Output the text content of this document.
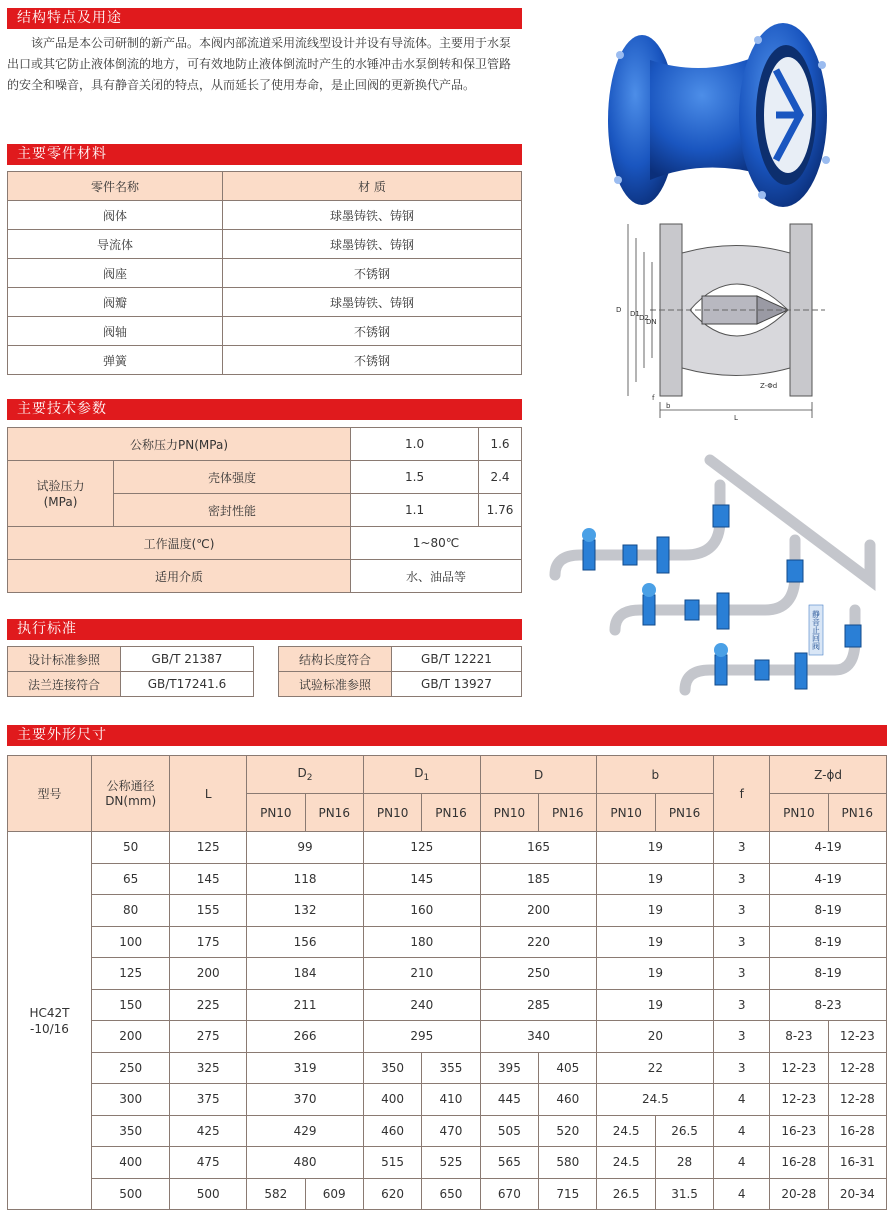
结构特点及用途
该产品是本公司研制的新产品。本阀内部流道采用流线型设计并设有导流体。主要用于水泵出口或其它防止液体倒流的地方，可有效地防止液体倒流时产生的水锤冲击水泵倒转和保卫管路的安全和噪音，具有静音关闭的特点，从而延长了使用寿命，是止回阀的更新换代产品。
主要零件材料
零件名称	材 质
阀体	球墨铸铁、铸钢
导流体	球墨铸铁、铸钢
阀座	不锈钢
阀瓣	球墨铸铁、铸钢
阀轴	不锈钢
弹簧	不锈钢
主要技术参数
公称压力PN(MPa)		1.0	1.6
试验压力
(MPa)	壳体强度	1.5	2.4
	密封性能	1.1	1.76
工作温度(℃)		1~80℃	
适用介质		水、油品等	
执行标准
设计标准参照	GB/T 21387
法兰连接符合	GB/T17241.6
结构长度符合	GB/T 12221
试验标准参照	GB/T 13927
D D1 D2
DN
b
f
L
Z-Φd
静音止回阀
主要外形尺寸
型号	公称通径
DN(mm)	L	$D_2$		$D_1$		D		b		f	Z-ϕd	
			PN10	PN16	PN10	PN16	PN10	PN16	PN10	PN16		PN10	PN16
HC42T
-10/16	50	125	99		125		165		19		3	4-19	
	65	145	118		145		185		19		3	4-19	
	80	155	132		160		200		19		3	8-19	
	100	175	156		180		220		19		3	8-19	
	125	200	184		210		250		19		3	8-19	
	150	225	211		240		285		19		3	8-23	
	200	275	266		295		340		20		3	8-23	12-23
	250	325	319		350	355	395	405	22		3	12-23	12-28
	300	375	370		400	410	445	460	24.5		4	12-23	12-28
	350	425	429		460	470	505	520	24.5	26.5	4	16-23	16-28
	400	475	480		515	525	565	580	24.5	28	4	16-28	16-31
	500	500	582	609	620	650	670	715	26.5	31.5	4	20-28	20-34
